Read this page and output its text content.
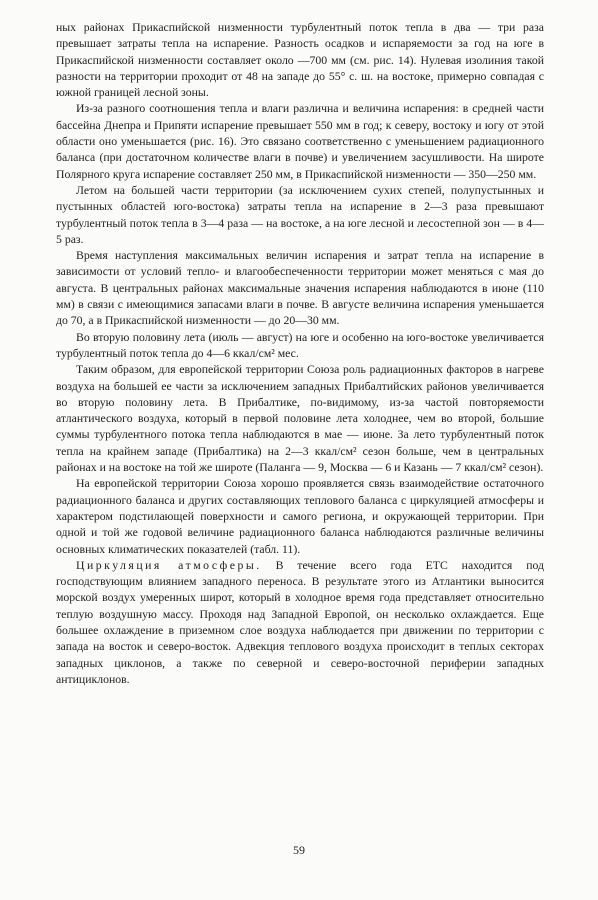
ных районах Прикаспийской низменности турбулентный поток тепла в два — три раза превышает затраты тепла на испарение. Разность осадков и испаряемости за год на юге в Прикаспийской низменности составляет около —700 мм (см. рис. 14). Нулевая изолиния такой разности на территории проходит от 48 на западе до 55° с. ш. на востоке, примерно совпадая с южной границей лесной зоны.

Из-за разного соотношения тепла и влаги различна и величина испарения: в средней части бассейна Днепра и Припяти испарение превышает 550 мм в год; к северу, востоку и югу от этой области оно уменьшается (рис. 16). Это связано соответственно с уменьшением радиационного баланса (при достаточном количестве влаги в почве) и увеличением засушливости. На широте Полярного круга испарение составляет 250 мм, в Прикаспийской низменности — 350—250 мм.

Летом на большей части территории (за исключением сухих степей, полупустынных и пустынных областей юго-востока) затраты тепла на испарение в 2—3 раза превышают турбулентный поток тепла в 3—4 раза — на востоке, а на юге лесной и лесостепной зон — в 4—5 раз.

Время наступления максимальных величин испарения и затрат тепла на испарение в зависимости от условий тепло- и влагообеспеченности территории может меняться с мая до августа. В центральных районах максимальные значения испарения наблюдаются в июне (110 мм) в связи с имеющимися запасами влаги в почве. В августе величина испарения уменьшается до 70, а в Прикаспийской низменности — до 20—30 мм.

Во вторую половину лета (июль — август) на юге и особенно на юго-востоке увеличивается турбулентный поток тепла до 4—6 ккал/см² мес.

Таким образом, для европейской территории Союза роль радиационных факторов в нагреве воздуха на большей ее части за исключением западных Прибалтийских районов увеличивается во вторую половину лета. В Прибалтике, по-видимому, из-за частой повторяемости атлантического воздуха, который в первой половине лета холоднее, чем во второй, большие суммы турбулентного потока тепла наблюдаются в мае — июне. За лето турбулентный поток тепла на крайнем западе (Прибалтика) на 2—3 ккал/см² сезон больше, чем в центральных районах и на востоке на той же широте (Палангa — 9, Москва — 6 и Казань — 7 ккал/см² сезон).

На европейской территории Союза хорошо проявляется связь взаимодействие остаточного радиационного баланса и других составляющих теплового баланса с циркуляцией атмосферы и характером подстилающей поверхности и самого региона, и окружающей территории. При одной и той же годовой величине радиационного баланса наблюдаются различные величины основных климатических показателей (табл. 11).

Циркуляция атмосферы. В течение всего года ЕТС находится под господствующим влиянием западного переноса. В результате этого из Атлантики выносится морской воздух умеренных широт, который в холодное время года представляет относительно теплую воздушную массу. Проходя над Западной Европой, он несколько охлаждается. Еще большее охлаждение в приземном слое воздуха наблюдается при движении по территории с запада на восток и северо-восток. Адвекция теплового воздуха происходит в теплых секторах западных циклонов, а также по северной и северо-восточной периферии западных антициклонов.

59
